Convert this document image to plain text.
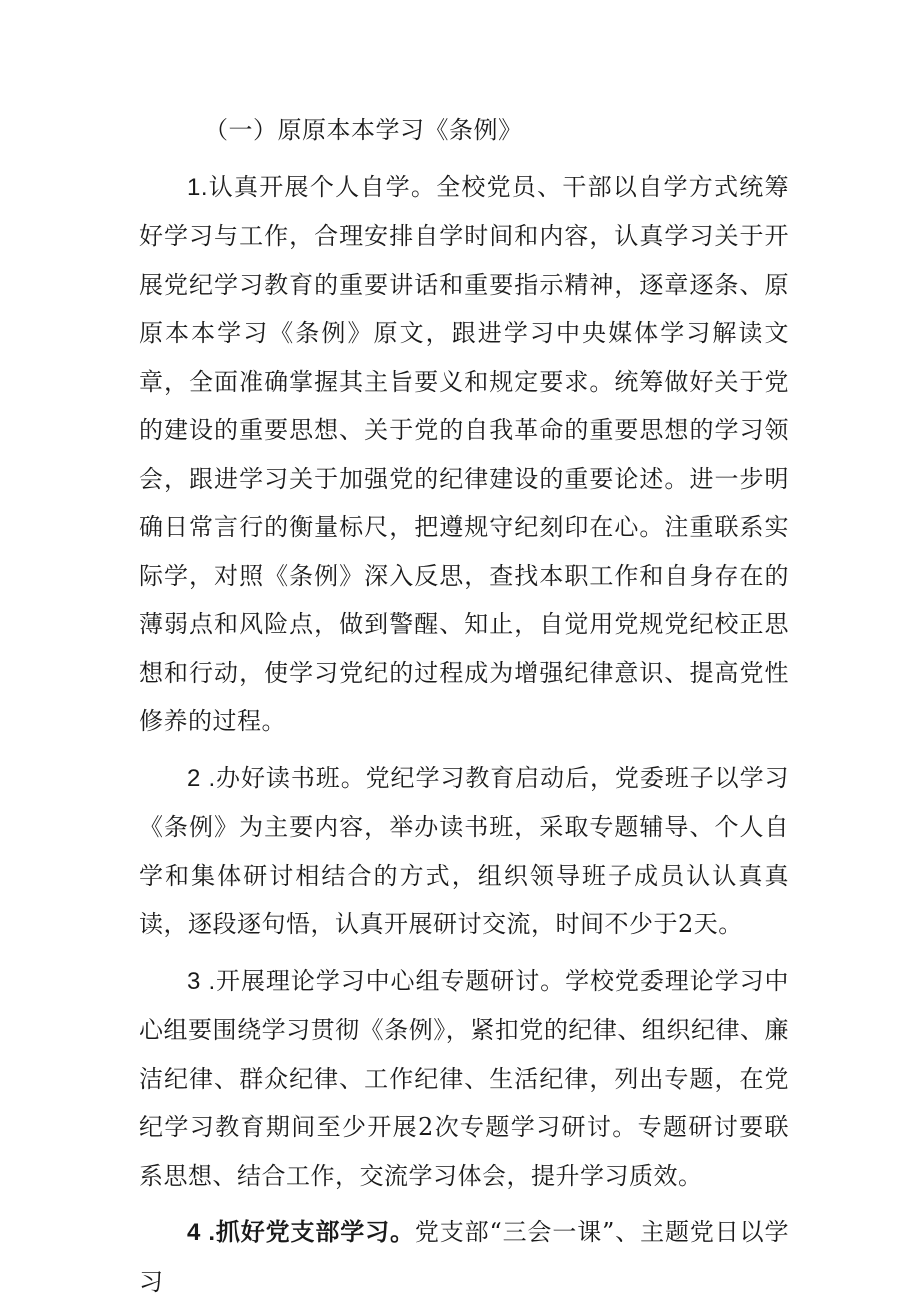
（一）原原本本学习《条例》

1.认真开展个人自学。全校党员、干部以自学方式统筹好学习与工作，合理安排自学时间和内容，认真学习关于开展党纪学习教育的重要讲话和重要指示精神，逐章逐条、原原本本学习《条例》原文，跟进学习中央媒体学习解读文章，全面准确掌握其主旨要义和规定要求。统筹做好关于党的建设的重要思想、关于党的自我革命的重要思想的学习领会，跟进学习关于加强党的纪律建设的重要论述。进一步明确日常言行的衡量标尺，把遵规守纪刻印在心。注重联系实际学，对照《条例》深入反思，查找本职工作和自身存在的薄弱点和风险点，做到警醒、知止，自觉用党规党纪校正思想和行动，使学习党纪的过程成为增强纪律意识、提高党性修养的过程。

2 .办好读书班。党纪学习教育启动后，党委班子以学习《条例》为主要内容，举办读书班，采取专题辅导、个人自学和集体研讨相结合的方式，组织领导班子成员认认真真读，逐段逐句悟，认真开展研讨交流，时间不少于2天。

3 .开展理论学习中心组专题研讨。学校党委理论学习中心组要围绕学习贯彻《条例》，紧扣党的纪律、组织纪律、廉洁纪律、群众纪律、工作纪律、生活纪律，列出专题，在党纪学习教育期间至少开展2次专题学习研讨。专题研讨要联系思想、结合工作，交流学习体会，提升学习质效。

4 .抓好党支部学习。党支部“三会一课”、主题党日以学习
